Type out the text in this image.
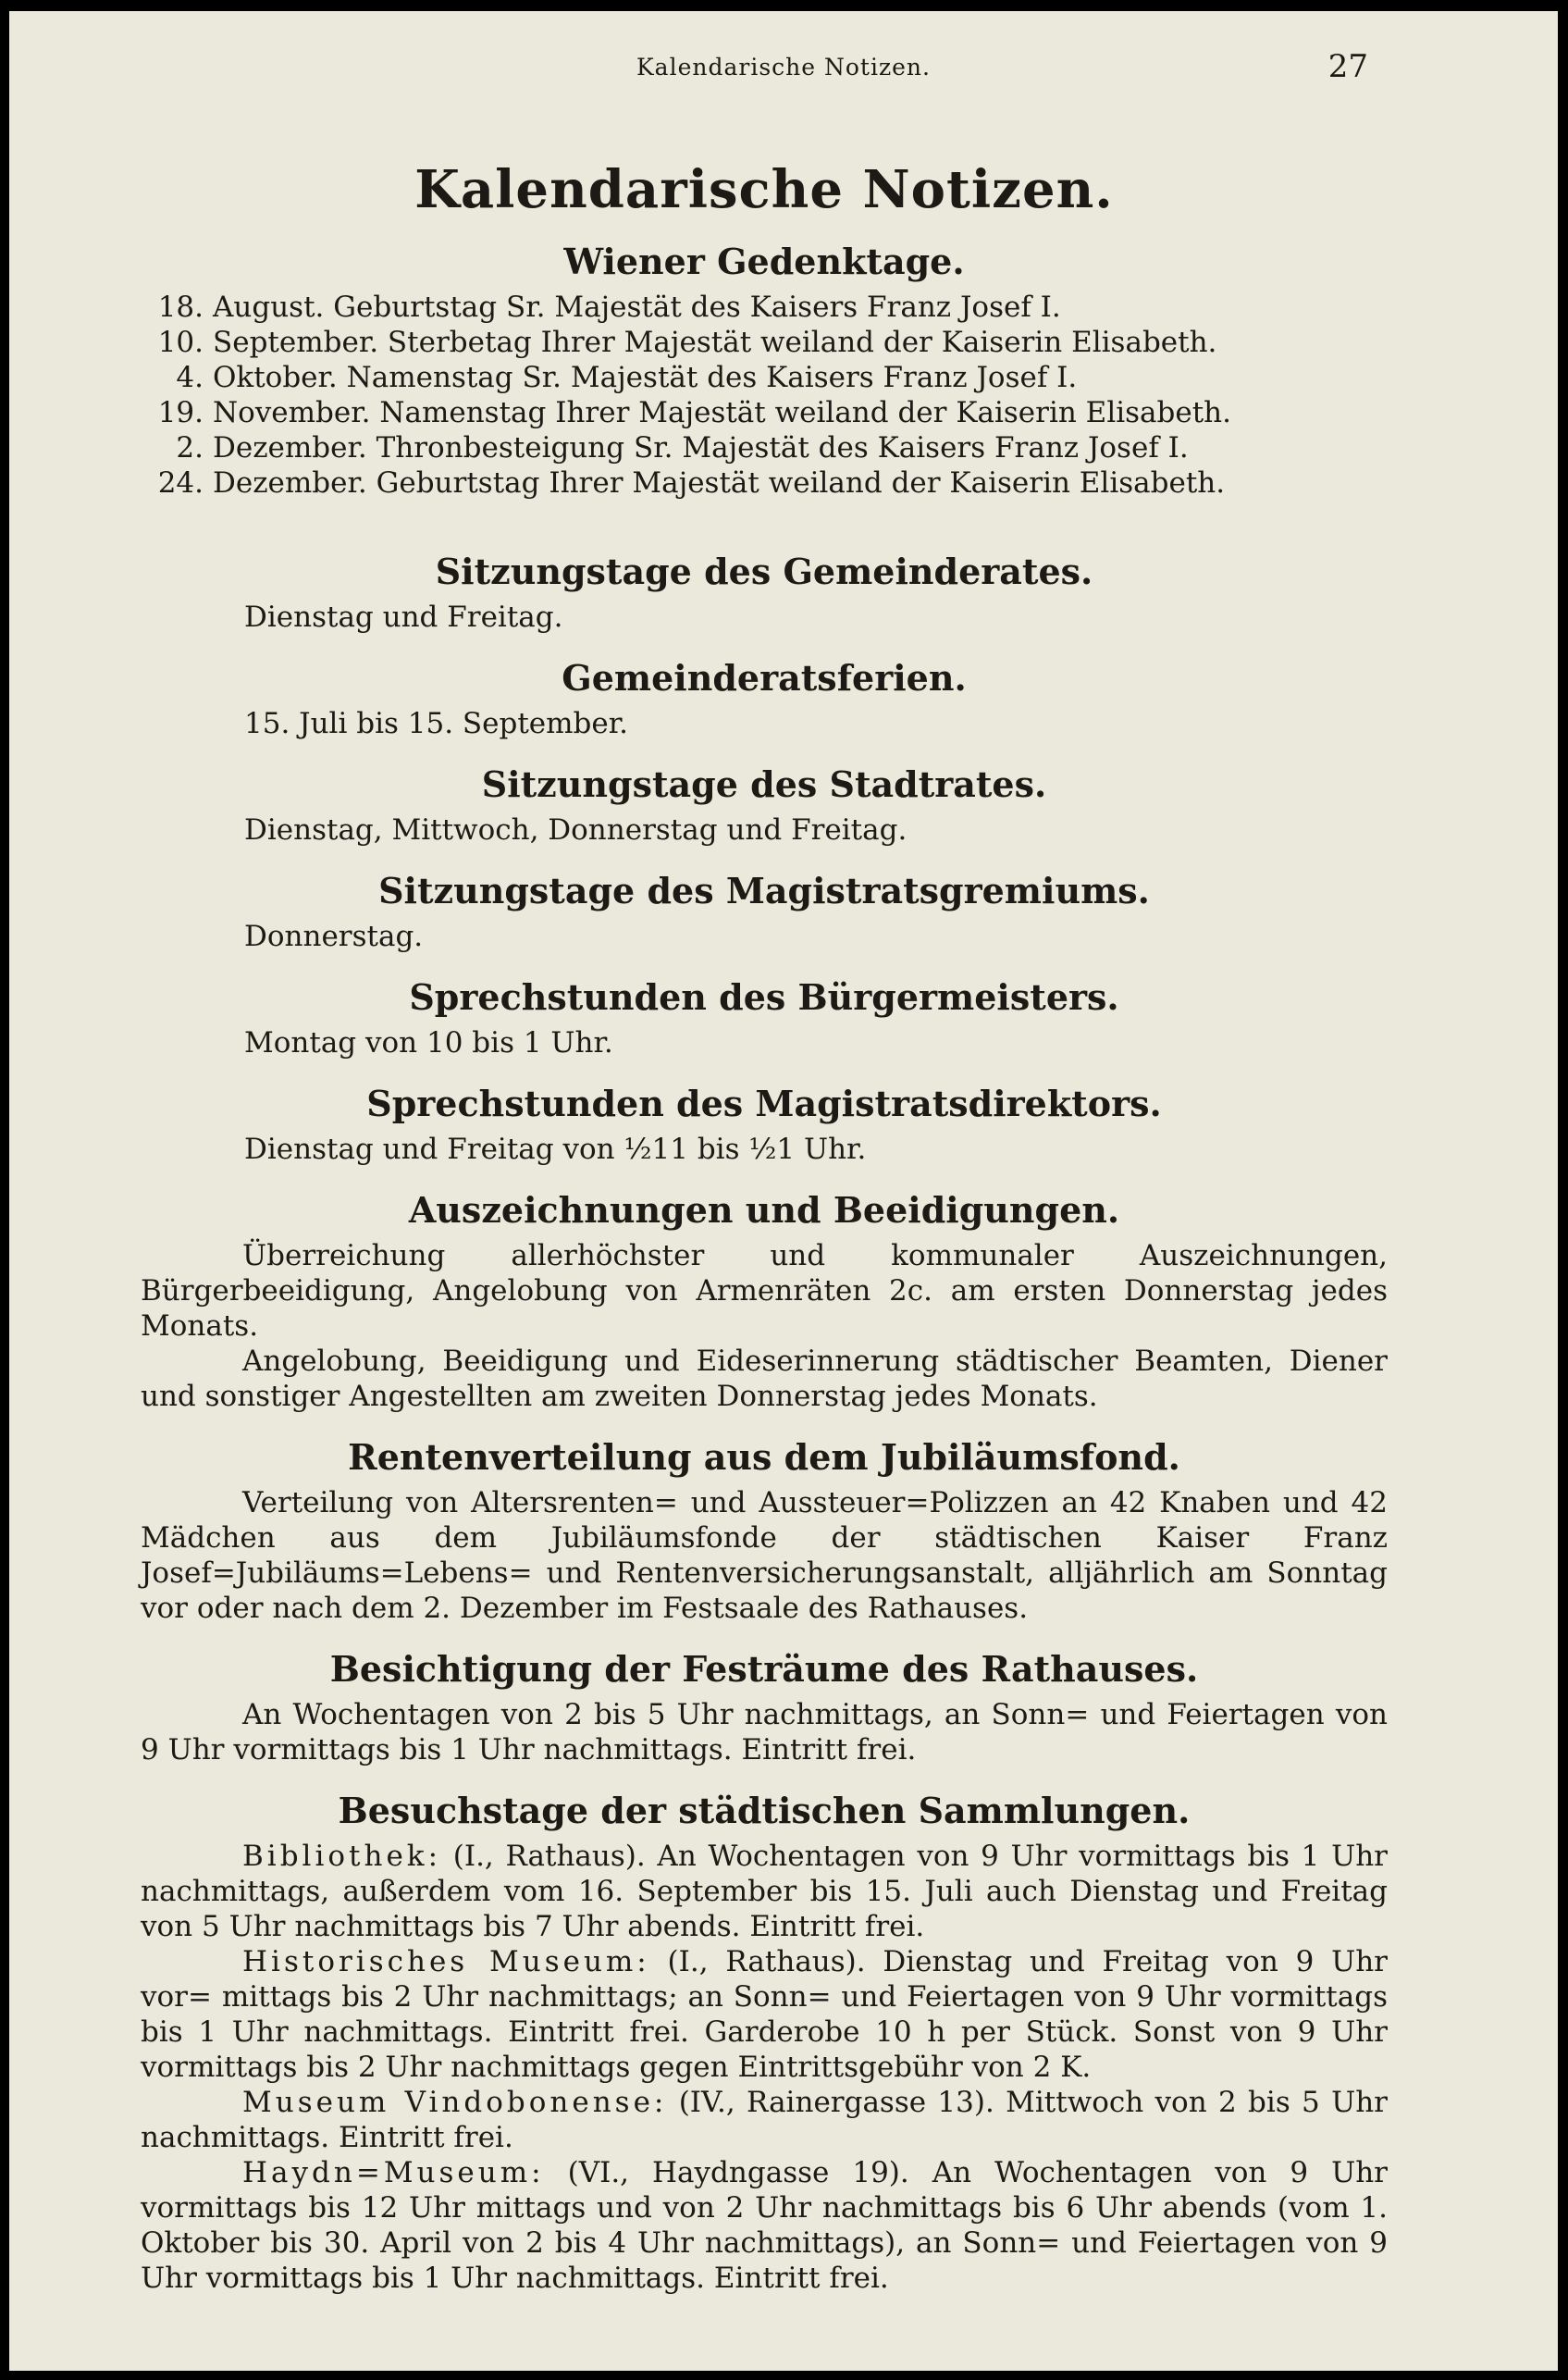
Kalendarische Notizen.	27
Kalendarische Notizen.
Wiener Gedenktage.
18. August. Geburtstag Sr. Majestät des Kaisers Franz Josef I.
10. September. Sterbetag Ihrer Majestät weiland der Kaiserin Elisabeth.
4. Oktober. Namenstag Sr. Majestät des Kaisers Franz Josef I.
19. November. Namenstag Ihrer Majestät weiland der Kaiserin Elisabeth.
2. Dezember. Thronbesteigung Sr. Majestät des Kaisers Franz Josef I.
24. Dezember. Geburtstag Ihrer Majestät weiland der Kaiserin Elisabeth.
Sitzungstage des Gemeinderates.

Dienstag und Freitag.

Gemeinderatsferien.

15. Juli bis 15. September.

Sitzungstage des Stadtrates.

Dienstag, Mittwoch, Donnerstag und Freitag.

Sitzungstage des Magistratsgremiums.

Donnerstag.

Sprechstunden des Bürgermeisters.

Montag von 10 bis 1 Uhr.

Sprechstunden des Magistratsdirektors.

Dienstag und Freitag von ½11 bis ½1 Uhr.

Auszeichnungen und Beeidigungen.

Überreichung allerhöchster und kommunaler Auszeichnungen, Bürgerbeeidigung, Angelobung von Armenräten 2c. am ersten Donnerstag jedes Monats.

Angelobung, Beeidigung und Eideserinnerung städtischer Beamten, Diener und sonstiger Angestellten am zweiten Donnerstag jedes Monats.

Rentenverteilung aus dem Jubiläumsfond.

Verteilung von Altersrenten= und Aussteuer=Polizzen an 42 Knaben und 42 Mädchen aus dem Jubiläumsfonde der städtischen Kaiser Franz Josef=Jubiläums=Lebens= und Rentenversicherungsanstalt, alljährlich am Sonntag vor oder nach dem 2. Dezember im Festsaale des Rathauses.

Besichtigung der Festräume des Rathauses.

An Wochentagen von 2 bis 5 Uhr nachmittags, an Sonn= und Feiertagen von 9 Uhr vormittags bis 1 Uhr nachmittags. Eintritt frei.

Besuchstage der städtischen Sammlungen.

Bibliothek: (I., Rathaus). An Wochentagen von 9 Uhr vormittags bis 1 Uhr nachmittags, außerdem vom 16. September bis 15. Juli auch Dienstag und Freitag von 5 Uhr nachmittags bis 7 Uhr abends. Eintritt frei.

Historisches Museum: (I., Rathaus). Dienstag und Freitag von 9 Uhr vor= mittags bis 2 Uhr nachmittags; an Sonn= und Feiertagen von 9 Uhr vormittags bis 1 Uhr nachmittags. Eintritt frei. Garderobe 10 h per Stück. Sonst von 9 Uhr vormittags bis 2 Uhr nachmittags gegen Eintrittsgebühr von 2 K.

Museum Vindobonense: (IV., Rainergasse 13). Mittwoch von 2 bis 5 Uhr nachmittags. Eintritt frei.

Haydn=Museum: (VI., Haydngasse 19). An Wochentagen von 9 Uhr vormittags bis 12 Uhr mittags und von 2 Uhr nachmittags bis 6 Uhr abends (vom 1. Oktober bis 30. April von 2 bis 4 Uhr nachmittags), an Sonn= und Feiertagen von 9 Uhr vormittags bis 1 Uhr nachmittags. Eintritt frei.
